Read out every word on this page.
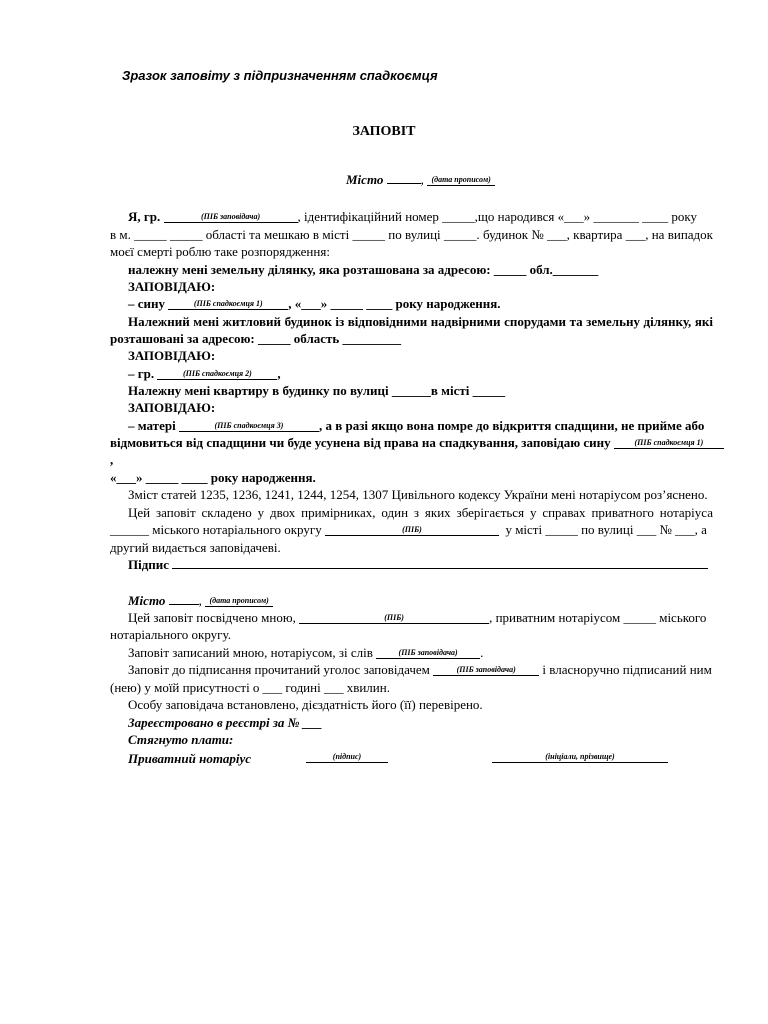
Зразок заповіту з підпризначенням спадкоємця
ЗАПОВІТ
Місто	, (дата прописом)
Я, гр.	(ПІБ заповідача)	, ідентифікаційний номер _____,що народився «___» _______ ____ року
в м. _____ _____ області та мешкаю в місті _____ по вулиці _____. будинок № ___, квартира ___, на випадок
моєї смерті роблю таке розпорядження:
належну мені земельну ділянку, яка розташована за адресою: _____ обл._______
ЗАПОВІДАЮ:
– сину	(ПІБ спадкоємця 1) , «___» _____ ____ року народження.
Належний мені житловий будинок із відповідними надвірними спорудами та земельну ділянку, які
розташовані за адресою: _____ область _________
ЗАПОВІДАЮ:
– гр.	(ПІБ спадкоємця 2) ,
Належну мені квартиру в будинку по вулиці ______в місті _____
ЗАПОВІДАЮ:
– матері	(ПІБ спадкоємця 3)	, а в разі якщо вона помре до відкриття спадщини, не прийме або
відмовиться від спадщини чи буде усунена від права на спадкування, заповідаю сину	(ПІБ спадкоємця 1)
,
«___» _____ ____ року народження.
Зміст статей 1235, 1236, 1241, 1244, 1254, 1307 Цивільного кодексу України мені нотаріусом роз’яснено.
Цей заповіт складено у двох примірниках, один з яких зберігається у справах приватного нотаріуса
______ міського нотаріального округу	(ПІБ)	у місті _____ по вулиці ___ № ___, а
другий видається заповідачеві.
Підпис
Місто	, (дата прописом)
Цей заповіт посвідчено мною,	(ПІБ)	, приватним нотаріусом _____ міського
нотаріального округу.
Заповіт записаний мною, нотаріусом, зі слів	(ПІБ заповідача) .
Заповіт до підписання прочитаний уголос заповідачем	(ПІБ заповідача) і власноручно підписаний ним
(нею) у моїй присутності о ___ годині ___ хвилин.
Особу заповідача встановлено, дієздатність його (її) перевірено.
Зареєстровано в реєстрі за № ___
Стягнуто плати:
Приватний нотаріус	(підпис)	(ініціали, прізвище)
